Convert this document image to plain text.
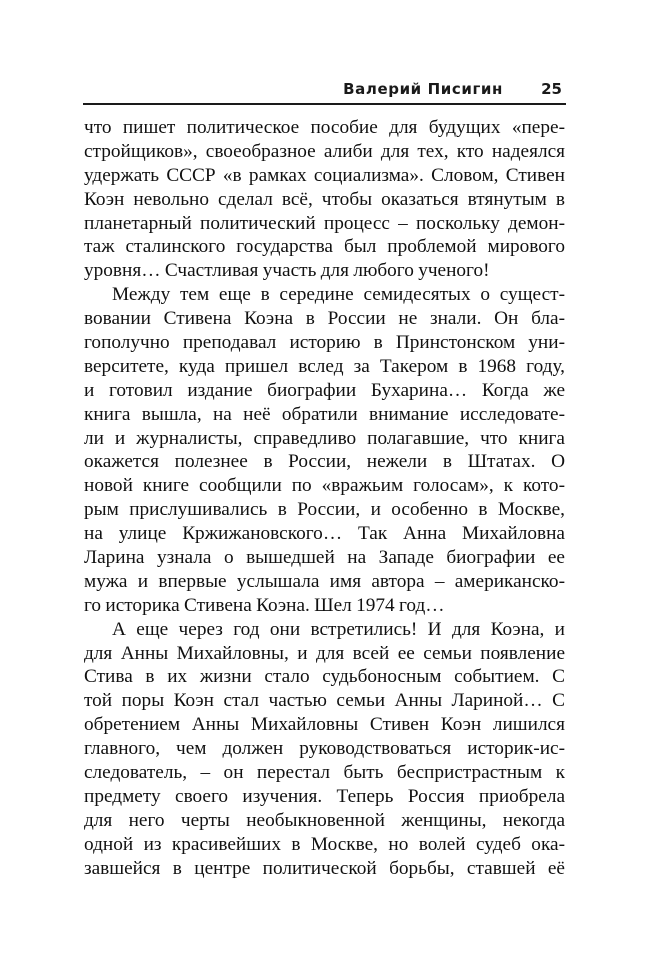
Валерий Писигин	25
что пишет политическое пособие для будущих «пере-
стройщиков», своеобразное алиби для тех, кто надеялся
удержать СССР «в рамках социализма». Словом, Стивен
Коэн невольно сделал всё, чтобы оказаться втянутым в
планетарный политический процесс – поскольку демон-
таж сталинского государства был проблемой мирового
уровня… Счастливая участь для любого ученого!
Между тем еще в середине семидесятых о сущест-
вовании Стивена Коэна в России не знали. Он бла-
гополучно преподавал историю в Принстонском уни-
верситете, куда пришел вслед за Такером в 1968 году,
и готовил издание биографии Бухарина… Когда же
книга вышла, на неё обратили внимание исследовате-
ли и журналисты, справедливо полагавшие, что книга
окажется полезнее в России, нежели в Штатах. О
новой книге сообщили по «вражьим голосам», к кото-
рым прислушивались в России, и особенно в Москве,
на улице Кржижановского… Так Анна Михайловна
Ларина узнала о вышедшей на Западе биографии ее
мужа и впервые услышала имя автора – американско-
го историка Стивена Коэна. Шел 1974 год…
А еще через год они встретились! И для Коэна, и
для Анны Михайловны, и для всей ее семьи появление
Стива в их жизни стало судьбоносным событием. С
той поры Коэн стал частью семьи Анны Лариной… С
обретением Анны Михайловны Стивен Коэн лишился
главного, чем должен руководствоваться историк-ис-
следователь, – он перестал быть беспристрастным к
предмету своего изучения. Теперь Россия приобрела
для него черты необыкновенной женщины, некогда
одной из красивейших в Москве, но волей судеб ока-
завшейся в центре политической борьбы, ставшей её
